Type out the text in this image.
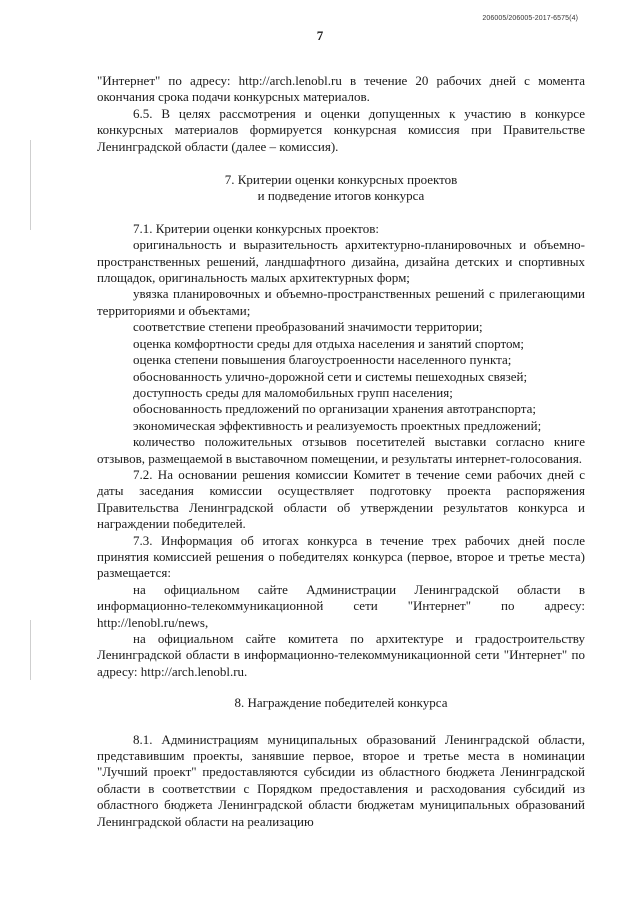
206005/206005-2017-6575(4)
7

"Интернет" по адресу: http://arch.lenobl.ru в течение 20 рабочих дней с момента окончания срока подачи конкурсных материалов.

6.5. В целях рассмотрения и оценки допущенных к участию в конкурсе конкурсных материалов формируется конкурсная комиссия при Правительстве Ленинградской области (далее – комиссия).

7. Критерии оценки конкурсных проектов

и подведение итогов конкурса

7.1. Критерии оценки конкурсных проектов:

оригинальность и выразительность архитектурно-планировочных и объемно-пространственных решений, ландшафтного дизайна, дизайна детских и спортивных площадок, оригинальность малых архитектурных форм;

увязка планировочных и объемно-пространственных решений с прилегающими территориями и объектами;

соответствие степени преобразований значимости территории;

оценка комфортности среды для отдыха населения и занятий спортом;

оценка степени повышения благоустроенности населенного пункта;

обоснованность улично-дорожной сети и системы пешеходных связей;

доступность среды для маломобильных групп населения;

обоснованность предложений по организации хранения автотранспорта;

экономическая эффективность и реализуемость проектных предложений;

количество положительных отзывов посетителей выставки согласно книге отзывов, размещаемой в выставочном помещении, и результаты интернет-голосования.

7.2. На основании решения комиссии Комитет в течение семи рабочих дней с даты заседания комиссии осуществляет подготовку проекта распоряжения Правительства Ленинградской области об утверждении результатов конкурса и награждении победителей.

7.3. Информация об итогах конкурса в течение трех рабочих дней после принятия комиссией решения о победителях конкурса (первое, второе и третье места) размещается:

на официальном сайте Администрации Ленинградской области в информационно-телекоммуникационной сети "Интернет" по адресу: http://lenobl.ru/news,

на официальном сайте комитета по архитектуре и градостроительству Ленинградской области в информационно-телекоммуникационной сети "Интернет" по адресу: http://arch.lenobl.ru.

8. Награждение победителей конкурса

8.1. Администрациям муниципальных образований Ленинградской области, представившим проекты, занявшие первое, второе и третье места в номинации "Лучший проект" предоставляются субсидии из областного бюджета Ленинградской области в соответствии с Порядком предоставления и расходования субсидий из областного бюджета Ленинградской области бюджетам муниципальных образований Ленинградской области на реализацию
